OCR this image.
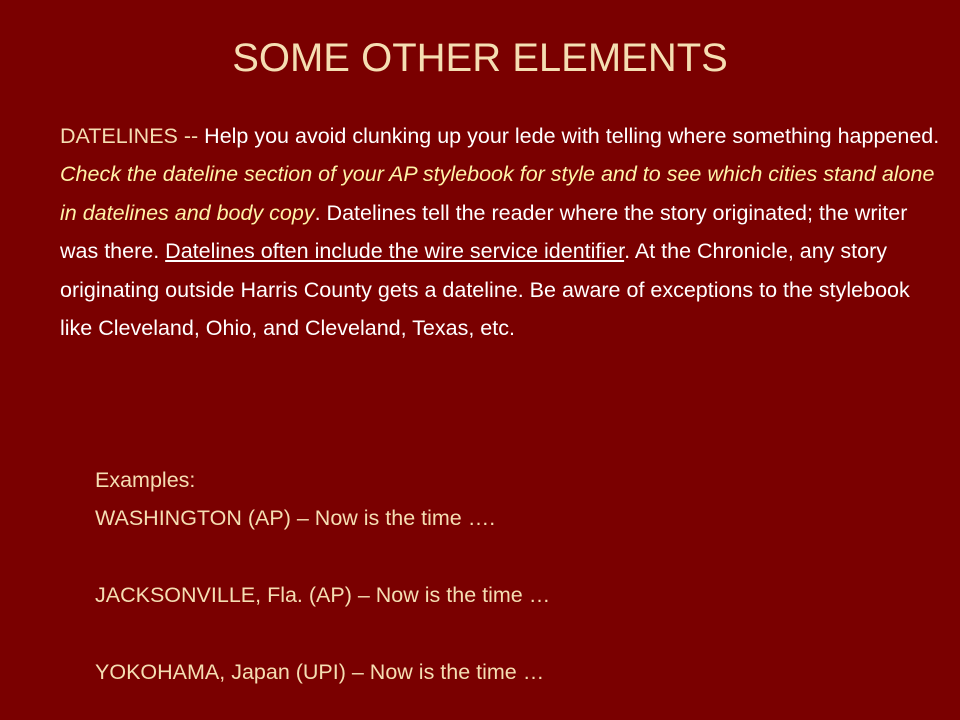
SOME OTHER ELEMENTS
DATELINES -- Help you avoid clunking up your lede with telling where something happened. Check the dateline section of your AP stylebook for style and to see which cities stand alone in datelines and body copy. Datelines tell the reader where the story originated; the writer was there. Datelines often include the wire service identifier. At the Chronicle, any story originating outside Harris County gets a dateline. Be aware of exceptions to the stylebook like Cleveland, Ohio, and Cleveland, Texas, etc.
Examples:
WASHINGTON (AP) – Now is the time ….
JACKSONVILLE, Fla. (AP) – Now is the time …
YOKOHAMA, Japan (UPI) – Now is the time …
